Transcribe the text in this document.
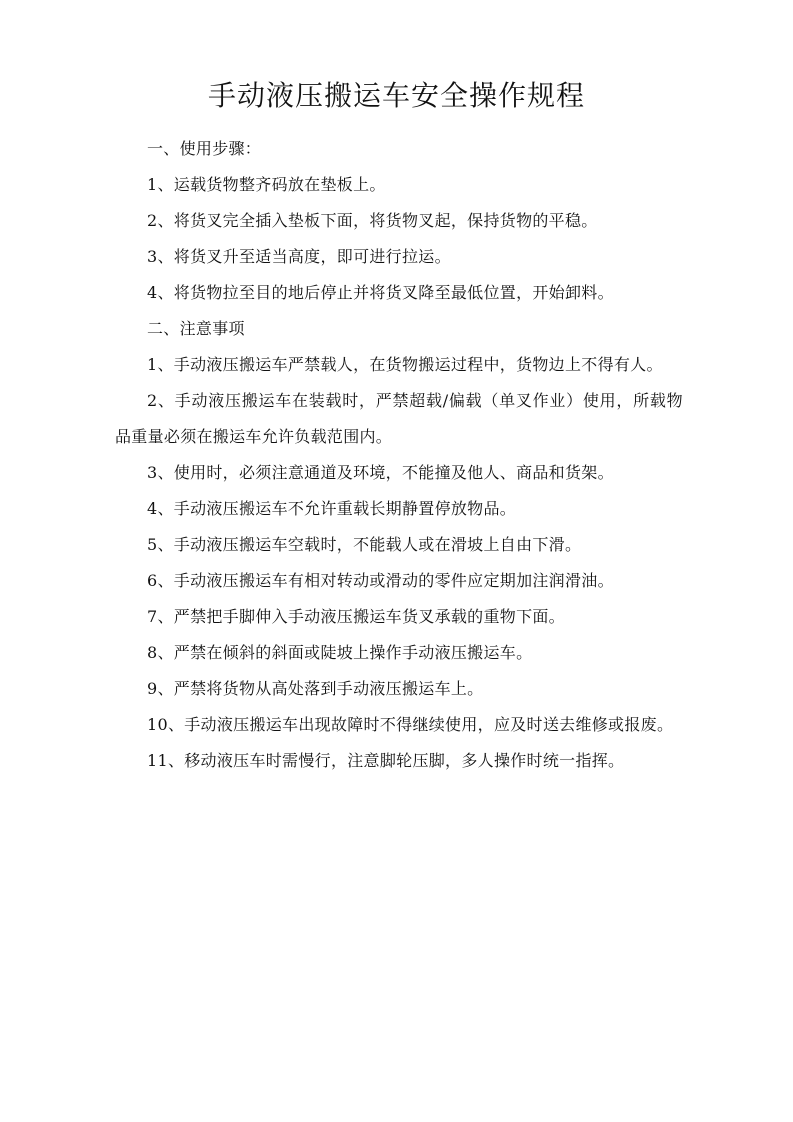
手动液压搬运车安全操作规程

一、使用步骤：

1、运载货物整齐码放在垫板上。

2、将货叉完全插入垫板下面，将货物叉起，保持货物的平稳。

3、将货叉升至适当高度，即可进行拉运。

4、将货物拉至目的地后停止并将货叉降至最低位置，开始卸料。

二、注意事项

1、手动液压搬运车严禁载人，在货物搬运过程中，货物边上不得有人。

2、手动液压搬运车在装载时，严禁超载/偏载（单叉作业）使用，所载物品重量必须在搬运车允许负载范围内。

3、使用时，必须注意通道及环境，不能撞及他人、商品和货架。

4、手动液压搬运车不允许重载长期静置停放物品。

5、手动液压搬运车空载时，不能载人或在滑坡上自由下滑。

6、手动液压搬运车有相对转动或滑动的零件应定期加注润滑油。

7、严禁把手脚伸入手动液压搬运车货叉承载的重物下面。

8、严禁在倾斜的斜面或陡坡上操作手动液压搬运车。

9、严禁将货物从高处落到手动液压搬运车上。

10、手动液压搬运车出现故障时不得继续使用，应及时送去维修或报废。

11、移动液压车时需慢行，注意脚轮压脚，多人操作时统一指挥。
